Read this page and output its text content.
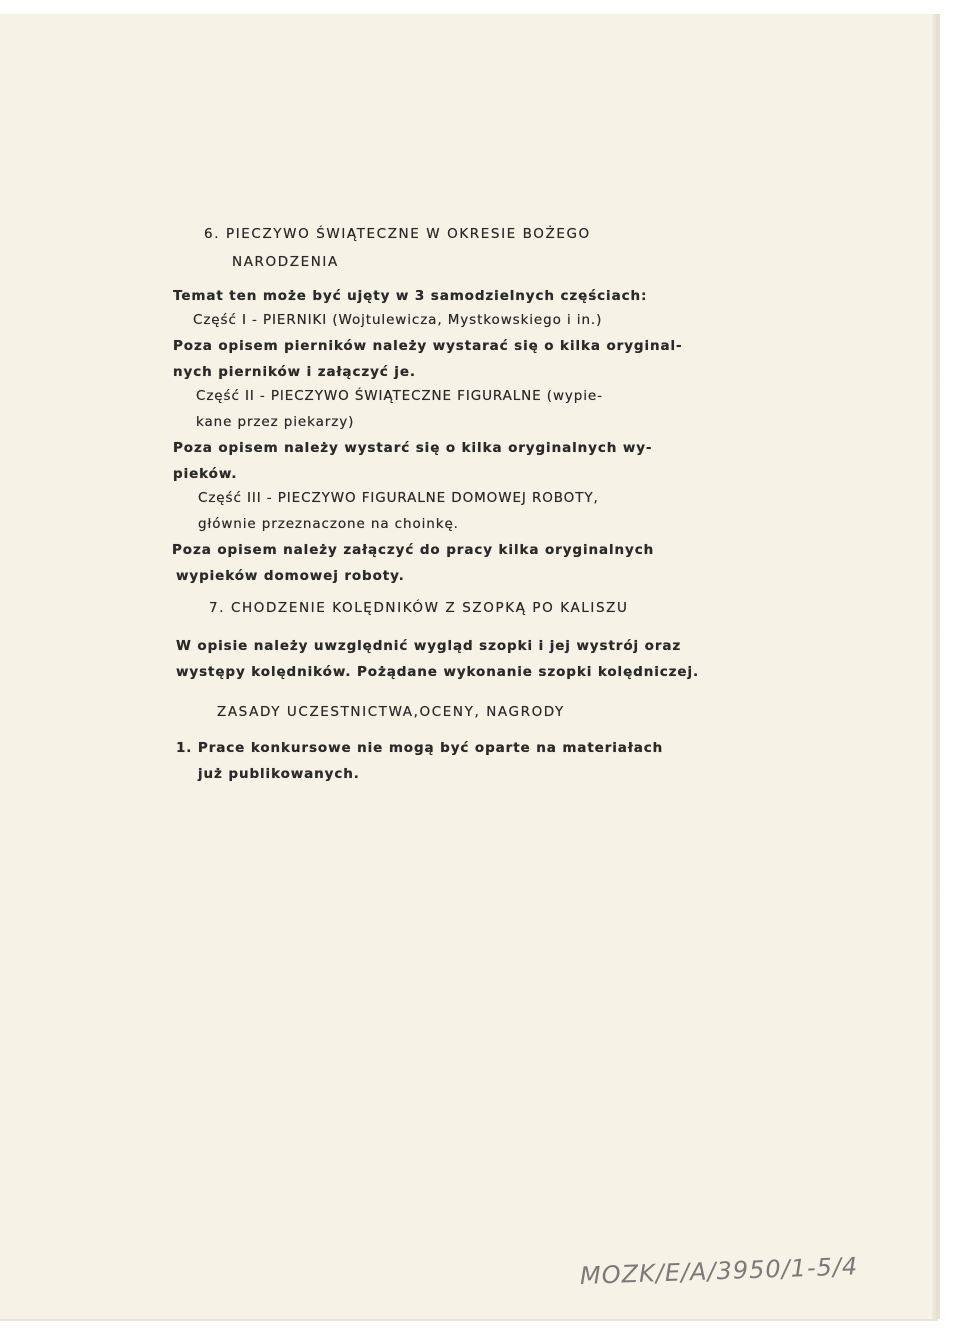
6. PIECZYWO ŚWIĄTECZNE W OKRESIE BOŻEGO
NARODZENIA
Temat ten może być ujęty w 3 samodzielnych częściach:
Część I - PIERNIKI (Wojtulewicza, Mystkowskiego i in.)
Poza opisem pierników należy wystarać się o kilka oryginal-
nych pierników i załączyć je.
Część II - PIECZYWO ŚWIĄTECZNE FIGURALNE (wypie-
kane przez piekarzy)
Poza opisem należy wystarć się o kilka oryginalnych wy-
pieków.
Część III - PIECZYWO FIGURALNE DOMOWEJ ROBOTY,
głównie przeznaczone na choinkę.
Poza opisem należy załączyć do pracy kilka oryginalnych
wypieków domowej roboty.
7. CHODZENIE KOLĘDNIKÓW Z SZOPKĄ PO KALISZU
W opisie należy uwzględnić wygląd szopki i jej wystrój oraz
występy kolędników. Pożądane wykonanie szopki kolędniczej.
ZASADY UCZESTNICTWA,OCENY, NAGRODY
1. Prace konkursowe nie mogą być oparte na materiałach
już publikowanych.
MOZK/E/A/3950/1-5/4
